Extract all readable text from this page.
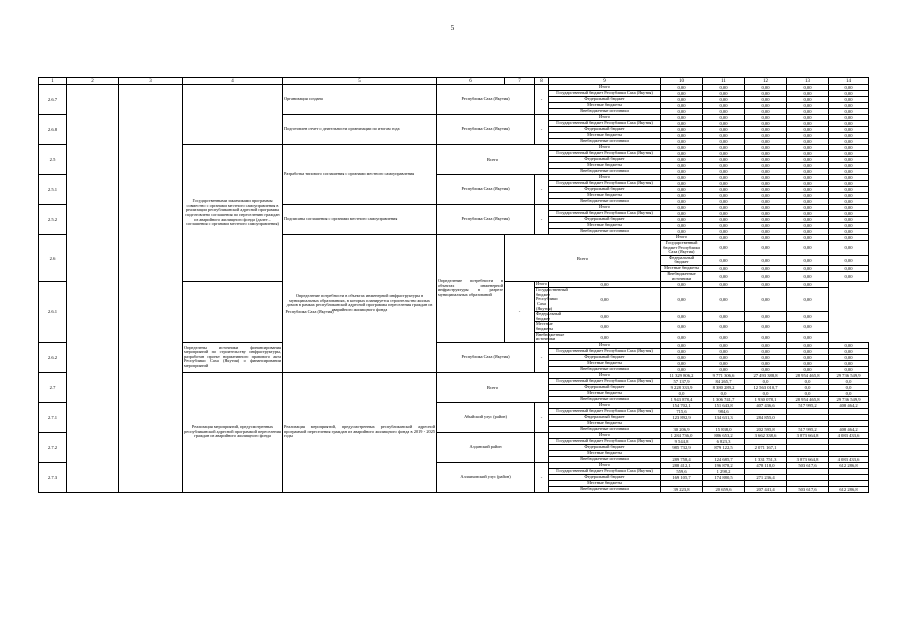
5
1	2	3	4	5	6	7	8	9	10	11	12	13	14	
2.6.7				Организация создана	Республика Саха (Якутия)		-	Итого	0,00	0,00	0,00	0,00	0,00	
								Государственный бюджет Республики Саха (Якутия)	0,00	0,00	0,00	0,00	0,00	
								Федеральный бюджет	0,00	0,00	0,00	0,00	0,00	
								Местные бюджеты	0,00	0,00	0,00	0,00	0,00	
								Внебюджетные источники	0,00	0,00	0,00	0,00	0,00	
2.6.8				Подготовлен отчет о деятельности организации по итогам года	Республика Саха (Якутия)		-	Итого	0,00	0,00	0,00	0,00	0,00	
								Государственный бюджет Республики Саха (Якутия)	0,00	0,00	0,00	0,00	0,00	
								Федеральный бюджет	0,00	0,00	0,00	0,00	0,00	
								Местные бюджеты	0,00	0,00	0,00	0,00	0,00	
								Внебюджетные источники	0,00	0,00	0,00	0,00	0,00	
2.5			Государственными заказчиками программы совместно с органами местного самоуправления в реализации республиканской адресной программы подготовлено соглашения по переселению граждан из аварийного жилищного фонда (далее – соглашения с органами местного самоуправления)	Разработка типового соглашения с органами местного самоуправления	Всего			Итого	0,00	0,00	0,00	0,00	0,00	
								Государственный бюджет Республики Саха (Якутия)	0,00	0,00	0,00	0,00	0,00	
								Федеральный бюджет	0,00	0,00	0,00	0,00	0,00	
								Местные бюджеты	0,00	0,00	0,00	0,00	0,00	
								Внебюджетные источники	0,00	0,00	0,00	0,00	0,00	
2.5.1					Республика Саха (Якутия)		-	Итого	0,00	0,00	0,00	0,00	0,00	
								Государственный бюджет Республики Саха (Якутия)	0,00	0,00	0,00	0,00	0,00	
								Федеральный бюджет	0,00	0,00	0,00	0,00	0,00	
								Местные бюджеты	0,00	0,00	0,00	0,00	0,00	
								Внебюджетные источники	0,00	0,00	0,00	0,00	0,00	
2.5.2				Подписаны соглашения с органами местного самоуправления	Республика Саха (Якутия)		-	Итого	0,00	0,00	0,00	0,00	0,00	
								Государственный бюджет Республики Саха (Якутия)	0,00	0,00	0,00	0,00	0,00	
								Федеральный бюджет	0,00	0,00	0,00	0,00	0,00	
								Местные бюджеты	0,00	0,00	0,00	0,00	0,00	
								Внебюджетные источники	0,00	0,00	0,00	0,00	0,00	
2.6				Определение потребности в объектах инженерной инфраструктуры в муниципальных образованиях, в которых планируется строительство жилых домов в рамках республиканской адресной программы переселения граждан из аварийного жилищного фонда	Определение потребности в объектах инженерной инфраструктуры в разрезе муниципальных образований	Всего			Итого	0,00	0,00	0,00	0,00	
									Государственный бюджет Республики Саха (Якутия)	0,00	0,00	0,00	0,00	
									Федеральный бюджет	0,00	0,00	0,00	0,00	
									Местные бюджеты	0,00	0,00	0,00	0,00	
									Внебюджетные источники	0,00	0,00	0,00	0,00	
2.6.1			Республика Саха (Якутия)			-	Итого	0,00	0,00	0,00	0,00	0,00		
							Государственный бюджет Республики Саха (Якутия)	0,00	0,00	0,00	0,00	0,00		
							Федеральный бюджет	0,00	0,00	0,00	0,00	0,00		
							Местные бюджеты	0,00	0,00	0,00	0,00	0,00		
							Внебюджетные источники	0,00	0,00	0,00	0,00	0,00		
2.6.2			Определены источники финансирования мероприятий по строительству инфраструктуры, разработан проект нормативного правового акта Республики Саха (Якутия) о финансировании мероприятий		Республика Саха (Якутия)		-	Итого	0,00	0,00	0,00	0,00	0,00	
								Государственный бюджет Республики Саха (Якутия)	0,00	0,00	0,00	0,00	0,00	
								Федеральный бюджет	0,00	0,00	0,00	0,00	0,00	
								Местные бюджеты	0,00	0,00	0,00	0,00	0,00	
								Внебюджетные источники	0,00	0,00	0,00	0,00	0,00	
2.7			Реализация мероприятий, предусмотренных республиканской адресной программой переселения граждан из аварийного жилищного фонда	Реализация мероприятий, предусмотренных республиканской адресной программой переселения граждан из аварийного жилищного фонда в 2019 - 2025 годы	Всего			Итого	11 329 806,2	9 771 306,6	27 493 388,8	28 954 465,8	29 736 549,9	
								Государственный бюджет Республики Саха (Якутия)	57 137,9	84 265,7	0,0	0,0	0,0	
								Федеральный бюджет	9 228 333,9	8 380 289,2	12 563 010,7	0,0	0,0	
								Местные бюджеты	0,0	0,0	0,0	0,0	0,0	
								Внебюджетные источники	1 943 878,4	1 306 741,7	1 930 078,1	28 954 465,8	29 736 549,9	
2.7.1					Абыйский улус (район)		-	Итого	154 702,1	151 643,8	407 436,6	517 995,2	408 464,2	
								Государственный бюджет Республики Саха (Якутия)	715,6	984,6				
								Фндеральный бюджет	123 892,9	134 631,3	284 855,0			
								Местные бюджеты						
								Внебюджетные источники	30 206,9	15 838,0	202 595,8	517 995,2	408 464,2	
2.7.2					Алданский район			Итого	1 284 736,0	886 653,2	3 662 338,6	3 873 664,8	4 083 433,6	
								Государственный бюджет Республики Саха (Якутия)	9 544,8	6 823,3				
								Федеральный бюджет	985 732,9	879 122,5	2 071 167,1			
								Местные бюджеты						
								Внебюджетные источники	289 758,4	124 685,7	1 331 751,3	3 873 664,8	4 083 433,6	
2.7.3					Аллаиховский улус (район)		-	Итого	288 412,1	196 878,2	478 118,0	503 617,6	612 286,8	
								Государственный бюджет Республики Саха (Якутия)	559,6	1 298,2				
								Федеральный бюджет	169 105,7	174 880,5	271 236,4			
								Местные бюджеты						
								Внебюджетные источники	39 223,8	20 659,6	207 441,4	503 617,6	612 286,8	
